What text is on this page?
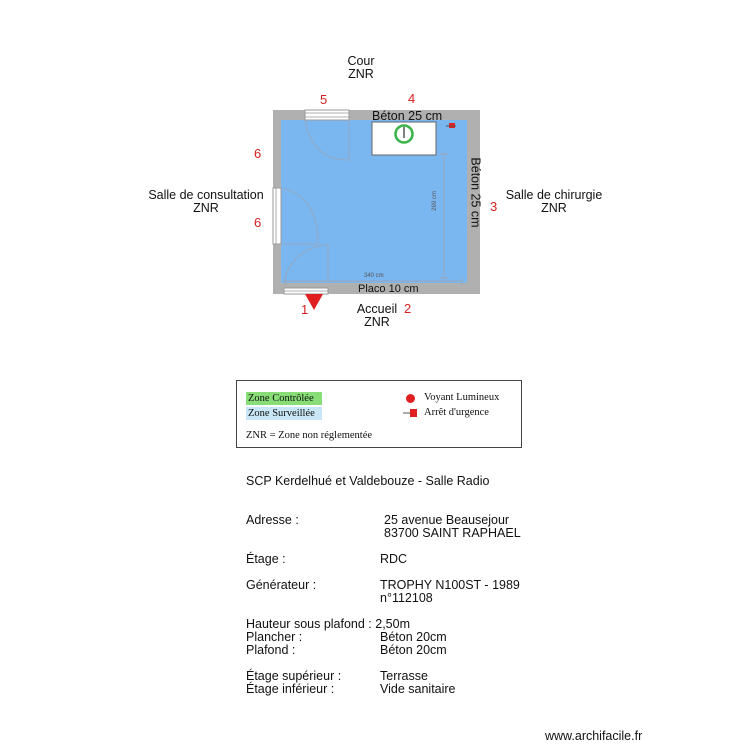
340 cm
269 cm
Béton 25 cm
Béton 25 cm
Placo 10 cm
Cour
ZNR
Salle de consultation
ZNR
Salle de chirurgie
ZNR
Accueil
ZNR
1	2
3
4
5
6
6
Zone Contrôlée
Zone Surveillée
ZNR = Zone non réglementée
Voyant Lumineux
Arrêt d'urgence
SCP Kerdelhué et Valdebouze - Salle Radio
Adresse :	25 avenue Beausejour
83700 SAINT RAPHAEL
Étage :	RDC
Générateur :	TROPHY N100ST - 1989
n°112108
Hauteur sous plafond : 2,50m
Plancher :	Béton 20cm
Plafond :	Béton 20cm
Étage supérieur :	Terrasse
Étage inférieur :	Vide sanitaire
www.archifacile.fr
